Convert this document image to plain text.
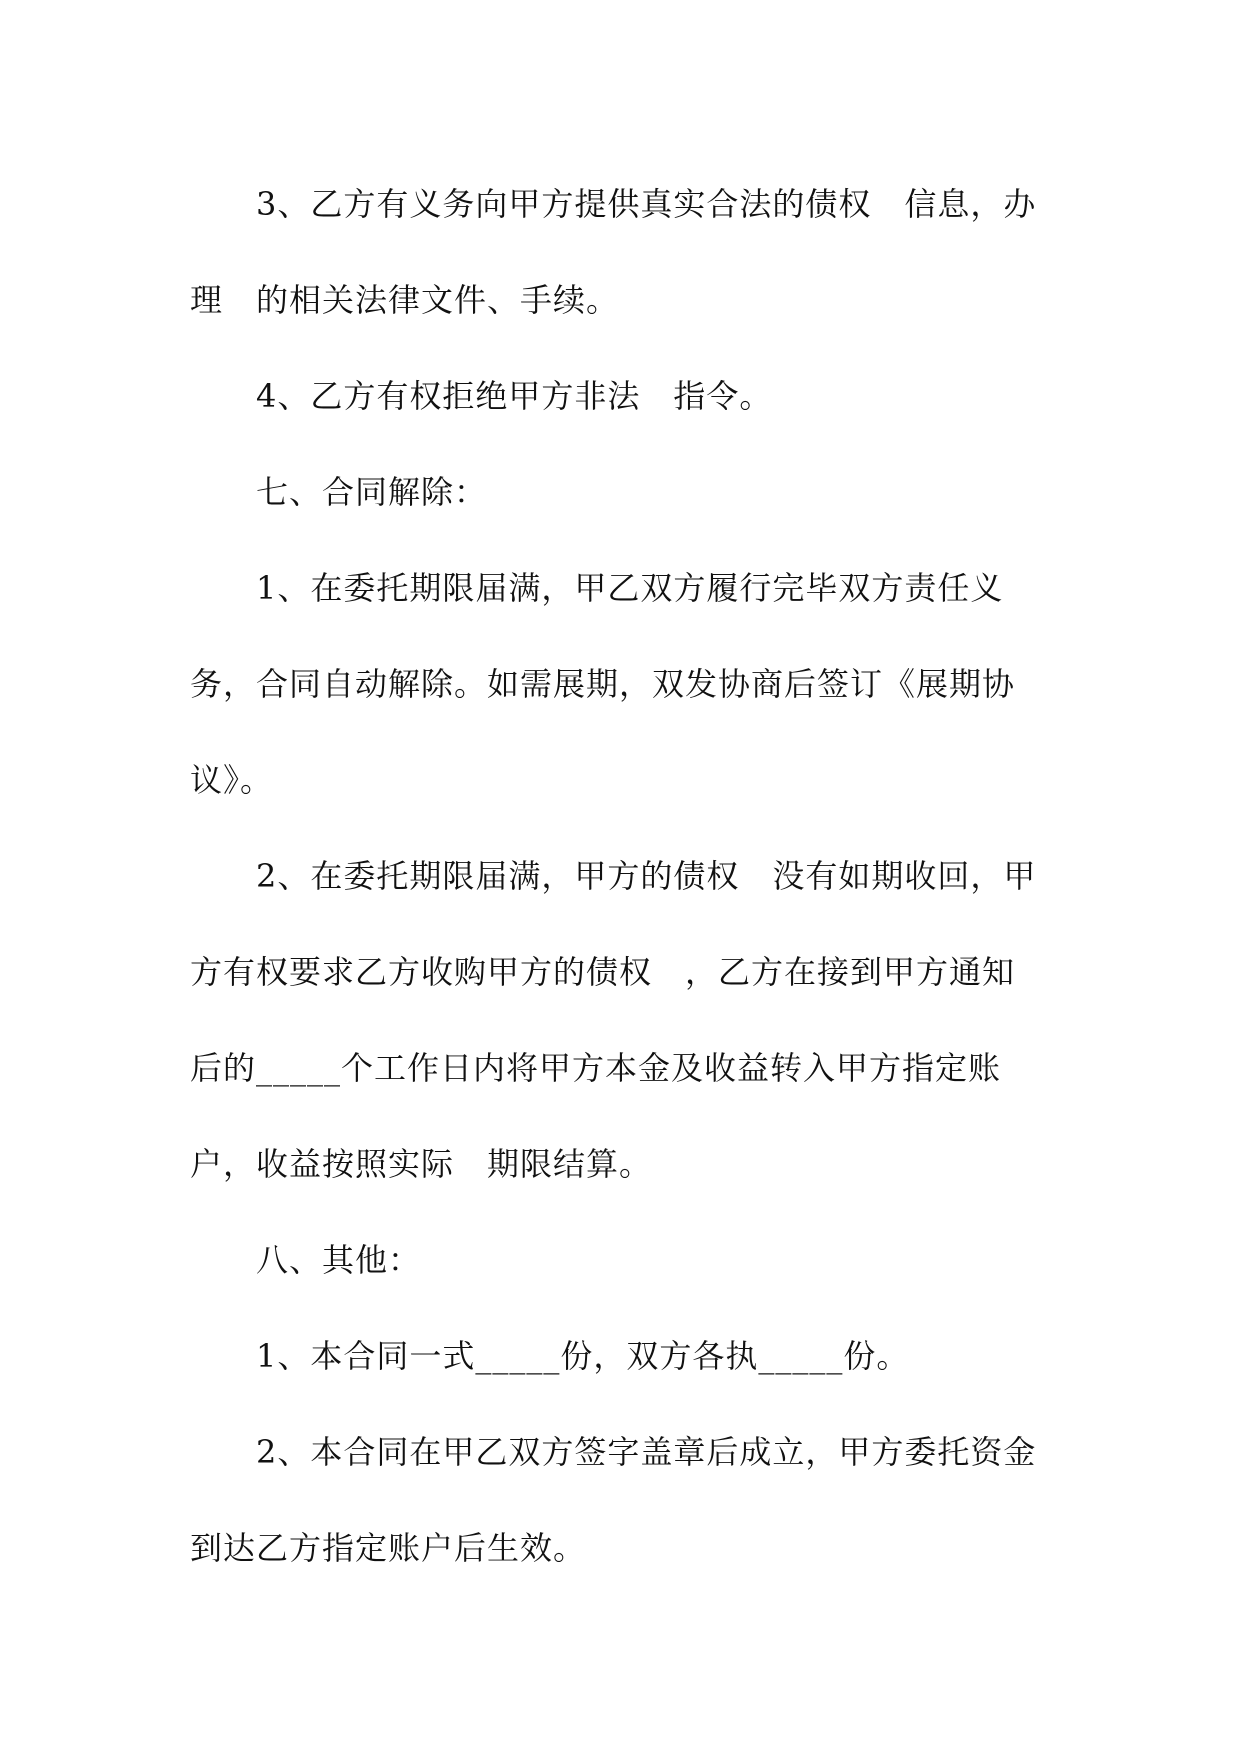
3、乙方有义务向甲方提供真实合法的债权　信息，办
理　的相关法律文件、手续。
4、乙方有权拒绝甲方非法　指令。
七、合同解除：
1、在委托期限届满，甲乙双方履行完毕双方责任义
务，合同自动解除。如需展期，双发协商后签订《展期协
议》。
2、在委托期限届满，甲方的债权　没有如期收回，甲
方有权要求乙方收购甲方的债权　，乙方在接到甲方通知
后的_____个工作日内将甲方本金及收益转入甲方指定账
户，收益按照实际　期限结算。
八、其他：
1、本合同一式_____份，双方各执_____份。
2、本合同在甲乙双方签字盖章后成立，甲方委托资金
到达乙方指定账户后生效。
